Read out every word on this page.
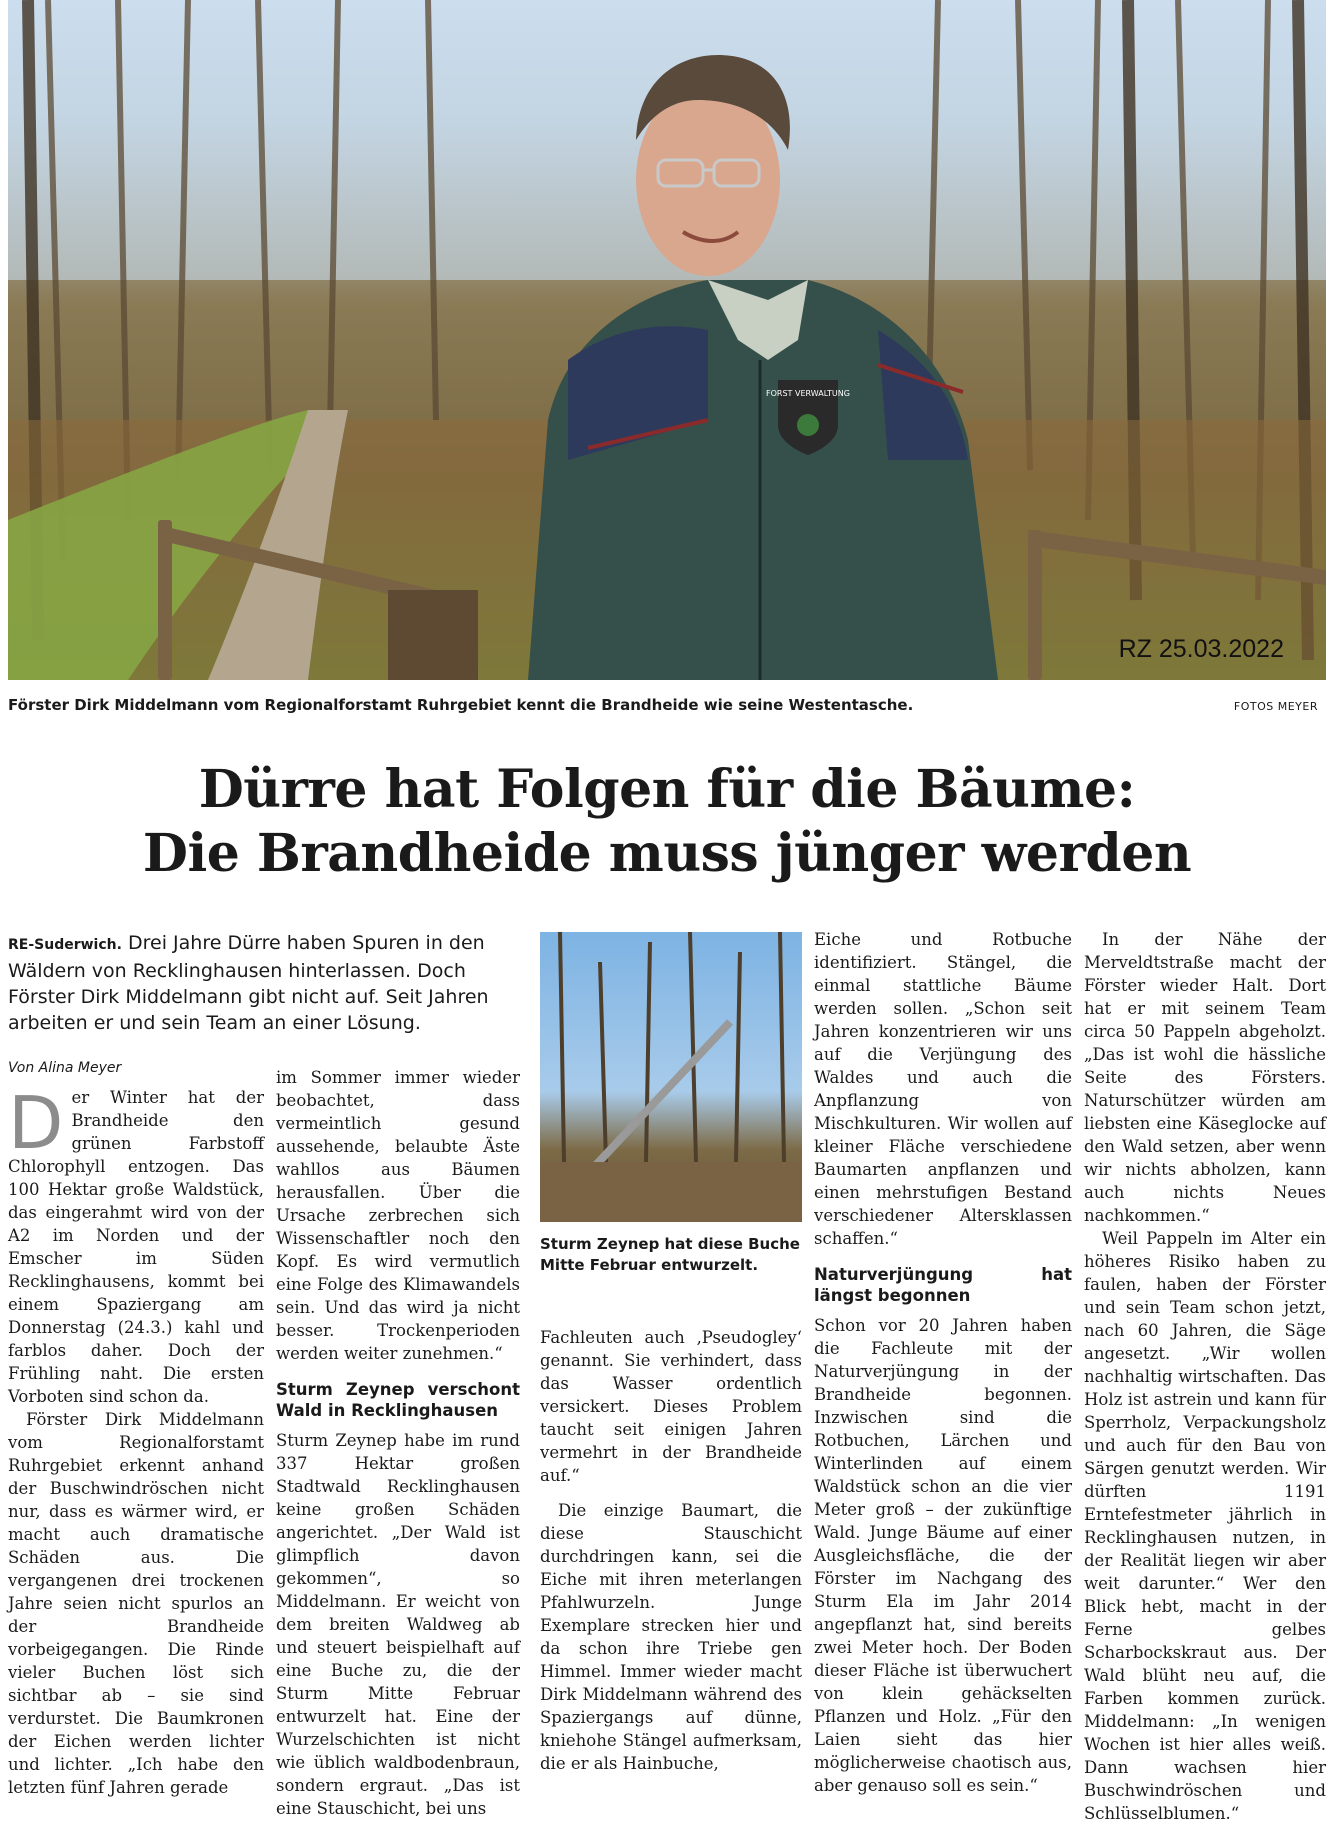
FORST VERWALTUNG
RZ 25.03.2022
Förster Dirk Middelmann vom Regionalforstamt Ruhrgebiet kennt die Brandheide wie seine Westentasche.	FOTOS MEYER
Dürre hat Folgen für die Bäume:
Die Brandheide muss jünger werden
RE-Suderwich. Drei Jahre Dürre haben Spuren in den Wäldern von Recklinghausen hinterlassen. Doch Förster Dirk Middelmann gibt nicht auf. Seit Jahren arbeiten er und sein Team an einer Lösung.
Von Alina Meyer

Der Winter hat der Brandheide den grünen Farbstoff Chlorophyll entzogen. Das 100 Hektar große Waldstück, das eingerahmt wird von der A2 im Norden und der Emscher im Süden Recklinghausens, kommt bei einem Spaziergang am Donnerstag (24.3.) kahl und farblos daher. Doch der Frühling naht. Die ersten Vorboten sind schon da.

Förster Dirk Middelmann vom Regionalforstamt Ruhrgebiet erkennt anhand der Buschwindröschen nicht nur, dass es wärmer wird, er macht auch dramatische Schäden aus. Die vergangenen drei trockenen Jahre seien nicht spurlos an der Brandheide vorbeigegangen. Die Rinde vieler Buchen löst sich sichtbar ab – sie sind verdurstet. Die Baumkronen der Eichen werden lichter und lichter. „Ich habe den letzten fünf Jahren gerade

im Sommer immer wieder beobachtet, dass vermeintlich gesund aussehende, belaubte Äste wahllos aus Bäumen herausfallen. Über die Ursache zerbrechen sich Wissenschaftler noch den Kopf. Es wird vermutlich eine Folge des Klimawandels sein. Und das wird ja nicht besser. Trockenperioden werden weiter zunehmen.“

Sturm Zeynep verschont Wald in Recklinghausen

Sturm Zeynep habe im rund 337 Hektar großen Stadtwald Recklinghausen keine großen Schäden angerichtet. „Der Wald ist glimpflich davon gekommen“, so Middelmann. Er weicht von dem breiten Waldweg ab und steuert beispielhaft auf eine Buche zu, die der Sturm Mitte Februar entwurzelt hat. Eine der Wurzelschichten ist nicht wie üblich waldbodenbraun, sondern ergraut. „Das ist eine Stauschicht, bei uns

Sturm Zeynep hat diese Buche Mitte Februar entwurzelt.

Fachleuten auch ‚Pseudogley‘ genannt. Sie verhindert, dass das Wasser ordentlich versickert. Dieses Problem taucht seit einigen Jahren vermehrt in der Brandheide auf.“

Die einzige Baumart, die diese Stauschicht durchdringen kann, sei die Eiche mit ihren meterlangen Pfahlwurzeln. Junge Exemplare strecken hier und da schon ihre Triebe gen Himmel. Immer wieder macht Dirk Middelmann während des Spaziergangs auf dünne, kniehohe Stängel aufmerksam, die er als Hainbuche,

Eiche und Rotbuche identifiziert. Stängel, die einmal stattliche Bäume werden sollen. „Schon seit Jahren konzentrieren wir uns auf die Verjüngung des Waldes und auch die Anpflanzung von Mischkulturen. Wir wollen auf kleiner Fläche verschiedene Baumarten anpflanzen und einen mehrstufigen Bestand verschiedener Altersklassen schaffen.“

Naturverjüngung hat längst begonnen

Schon vor 20 Jahren haben die Fachleute mit der Naturverjüngung in der Brandheide begonnen. Inzwischen sind die Rotbuchen, Lärchen und Winterlinden auf einem Waldstück schon an die vier Meter groß – der zukünftige Wald. Junge Bäume auf einer Ausgleichsfläche, die der Förster im Nachgang des Sturm Ela im Jahr 2014 angepflanzt hat, sind bereits zwei Meter hoch. Der Boden dieser Fläche ist überwuchert von klein gehäckselten Pflanzen und Holz. „Für den Laien sieht das hier möglicherweise chaotisch aus, aber genauso soll es sein.“

In der Nähe der Merveldtstraße macht der Förster wieder Halt. Dort hat er mit seinem Team circa 50 Pappeln abgeholzt. „Das ist wohl die hässliche Seite des Försters. Naturschützer würden am liebsten eine Käseglocke auf den Wald setzen, aber wenn wir nichts abholzen, kann auch nichts Neues nachkommen.“

Weil Pappeln im Alter ein höheres Risiko haben zu faulen, haben der Förster und sein Team schon jetzt, nach 60 Jahren, die Säge angesetzt. „Wir wollen nachhaltig wirtschaften. Das Holz ist astrein und kann für Sperrholz, Verpackungsholz und auch für den Bau von Särgen genutzt werden. Wir dürften 1191 Erntefestmeter jährlich in Recklinghausen nutzen, in der Realität liegen wir aber weit darunter.“ Wer den Blick hebt, macht in der Ferne gelbes Scharbockskraut aus. Der Wald blüht neu auf, die Farben kommen zurück. Middelmann: „In wenigen Wochen ist hier alles weiß. Dann wachsen hier Buschwindröschen und Schlüsselblumen.“
